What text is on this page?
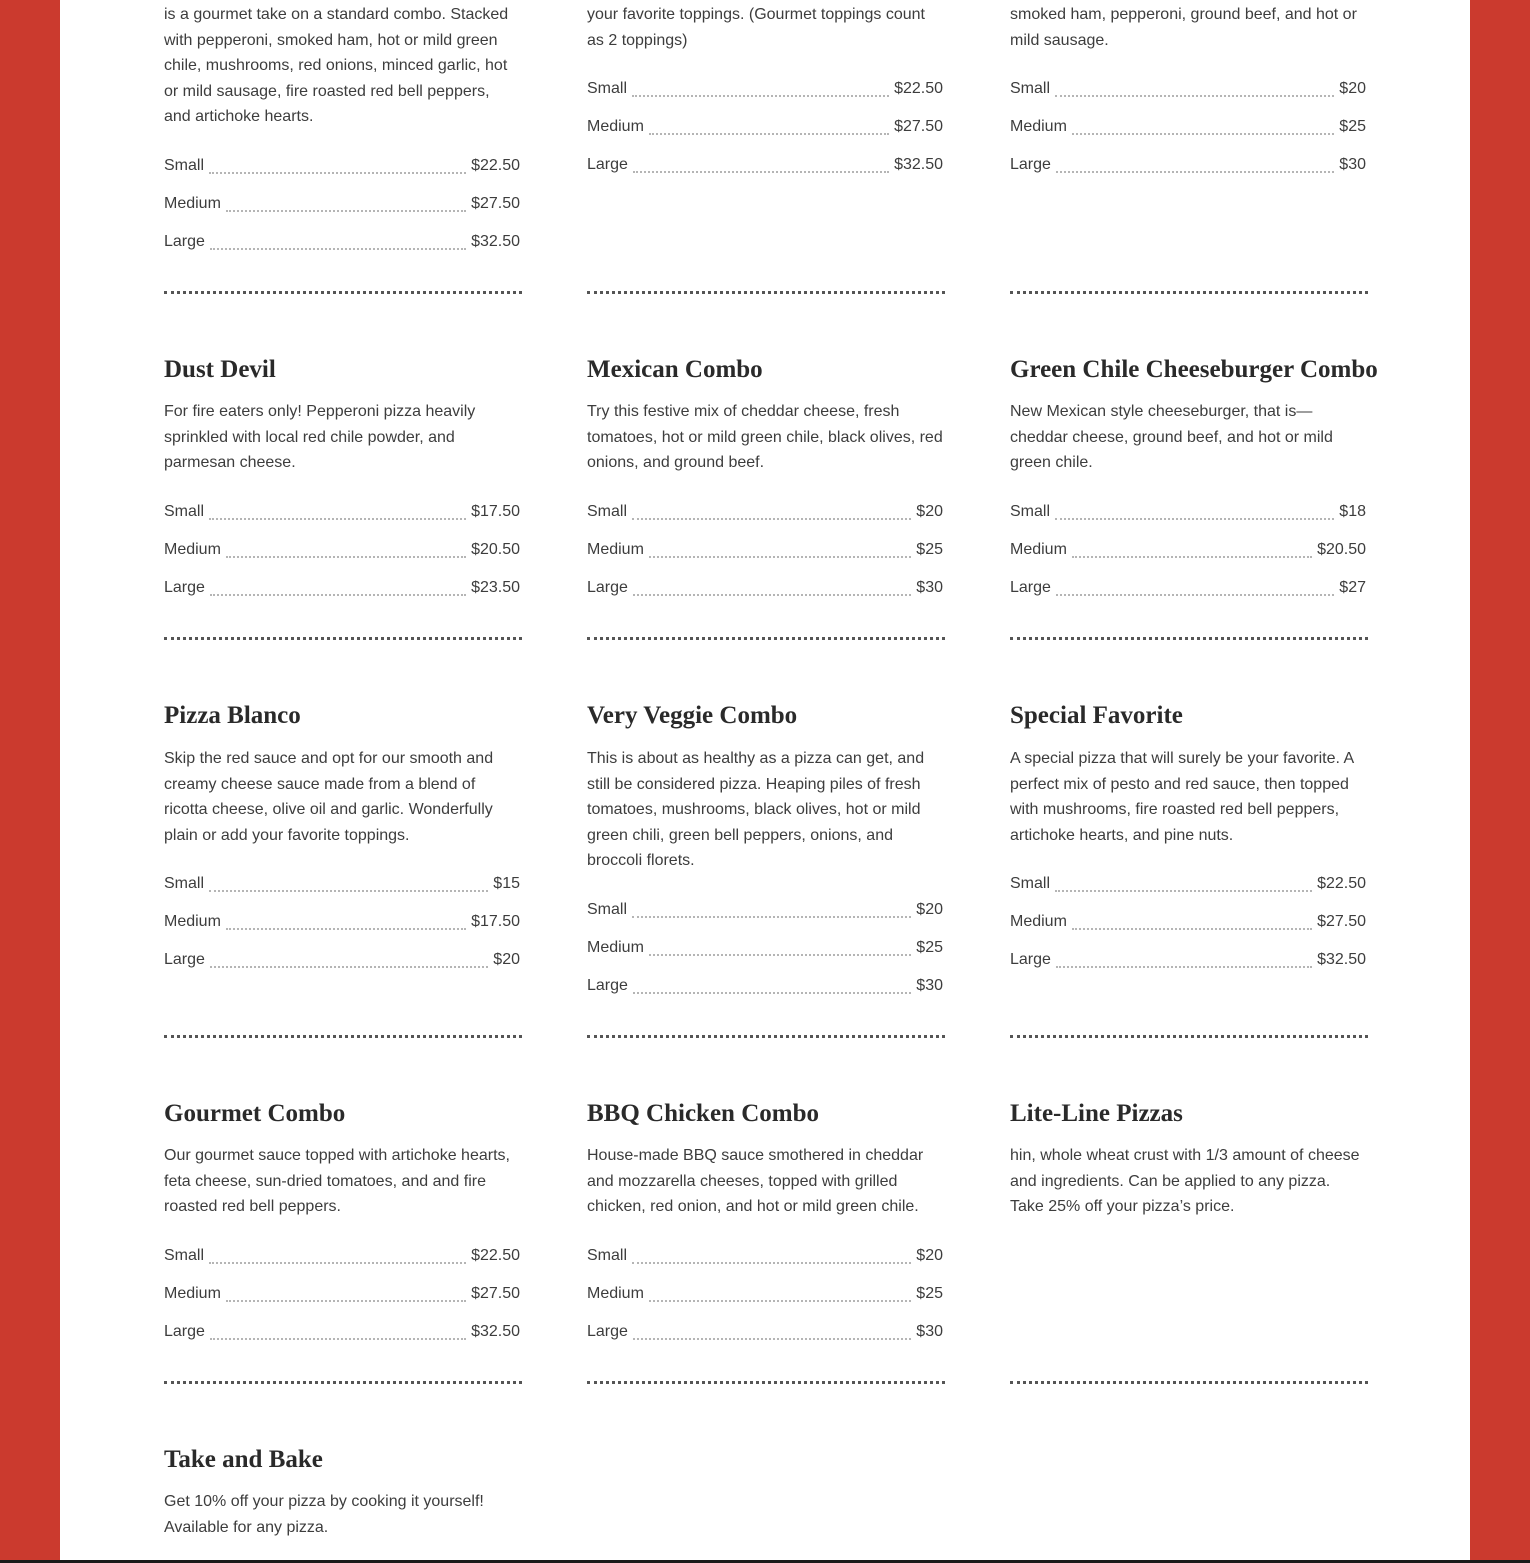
is a gourmet take on a standard combo. Stacked with pepperoni, smoked ham, hot or mild green chile, mushrooms, red onions, minced garlic, hot or mild sausage, fire roasted red bell peppers, and artichoke hearts.

Small	$22.50
Medium	$27.50
Large	$32.50

your favorite toppings. (Gourmet toppings count as 2 toppings)

Small	$22.50
Medium	$27.50
Large	$32.50

smoked ham, pepperoni, ground beef, and hot or mild sausage.

Small	$20
Medium	$25
Large	$30
Dust Devil

For fire eaters only! Pepperoni pizza heavily sprinkled with local red chile powder, and parmesan cheese.

Small	$17.50
Medium	$20.50
Large	$23.50
Mexican Combo

Try this festive mix of cheddar cheese, fresh tomatoes, hot or mild green chile, black olives, red onions, and ground beef.

Small	$20
Medium	$25
Large	$30
Green Chile Cheeseburger Combo

New Mexican style cheeseburger, that is—cheddar cheese, ground beef, and hot or mild green chile.

Small	$18
Medium	$20.50
Large	$27
Pizza Blanco

Skip the red sauce and opt for our smooth and creamy cheese sauce made from a blend of ricotta cheese, olive oil and garlic. Wonderfully plain or add your favorite toppings.

Small	$15
Medium	$17.50
Large	$20
Very Veggie Combo

This is about as healthy as a pizza can get, and still be considered pizza. Heaping piles of fresh tomatoes, mushrooms, black olives, hot or mild green chili, green bell peppers, onions, and broccoli florets.

Small	$20
Medium	$25
Large	$30
Special Favorite

A special pizza that will surely be your favorite. A perfect mix of pesto and red sauce, then topped with mushrooms, fire roasted red bell peppers, artichoke hearts, and pine nuts.

Small	$22.50
Medium	$27.50
Large	$32.50
Gourmet Combo

Our gourmet sauce topped with artichoke hearts, feta cheese, sun-dried tomatoes, and and fire roasted red bell peppers.

Small	$22.50
Medium	$27.50
Large	$32.50
BBQ Chicken Combo

House-made BBQ sauce smothered in cheddar and mozzarella cheeses, topped with grilled chicken, red onion, and hot or mild green chile.

Small	$20
Medium	$25
Large	$30
Lite-Line Pizzas

hin, whole wheat crust with 1/3 amount of cheese and ingredients. Can be applied to any pizza. Take 25% off your pizza’s price.

Take and Bake

Get 10% off your pizza by cooking it yourself! Available for any pizza.
